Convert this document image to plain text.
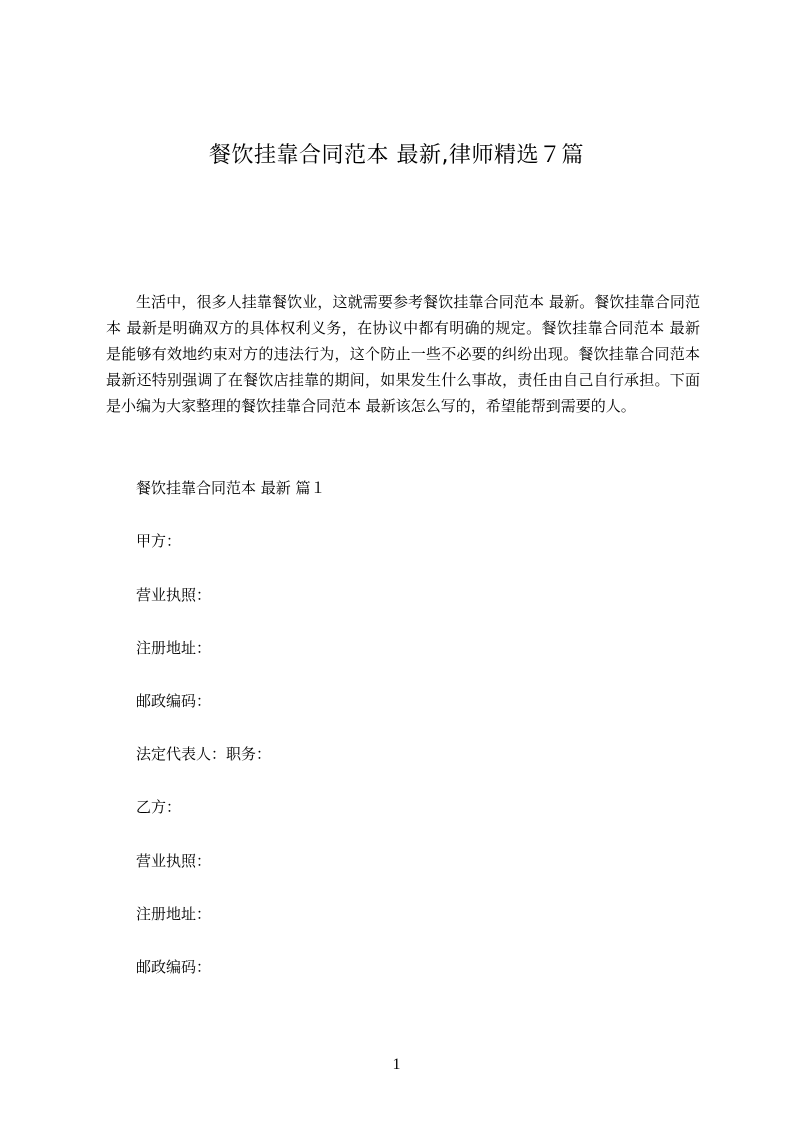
餐饮挂靠合同范本 最新,律师精选７篇

生活中，很多人挂靠餐饮业，这就需要参考餐饮挂靠合同范本 最新。餐饮挂靠合同范本 最新是明确双方的具体权利义务，在协议中都有明确的规定。餐饮挂靠合同范本 最新是能够有效地约束对方的违法行为，这个防止一些不必要的纠纷出现。餐饮挂靠合同范本 最新还特别强调了在餐饮店挂靠的期间，如果发生什么事故，责任由自己自行承担。下面是小编为大家整理的餐饮挂靠合同范本 最新该怎么写的，希望能帮到需要的人。

餐饮挂靠合同范本 最新 篇１
甲方：
营业执照：
注册地址：
邮政编码：
法定代表人：职务：
乙方：
营业执照：
注册地址：
邮政编码：
1
